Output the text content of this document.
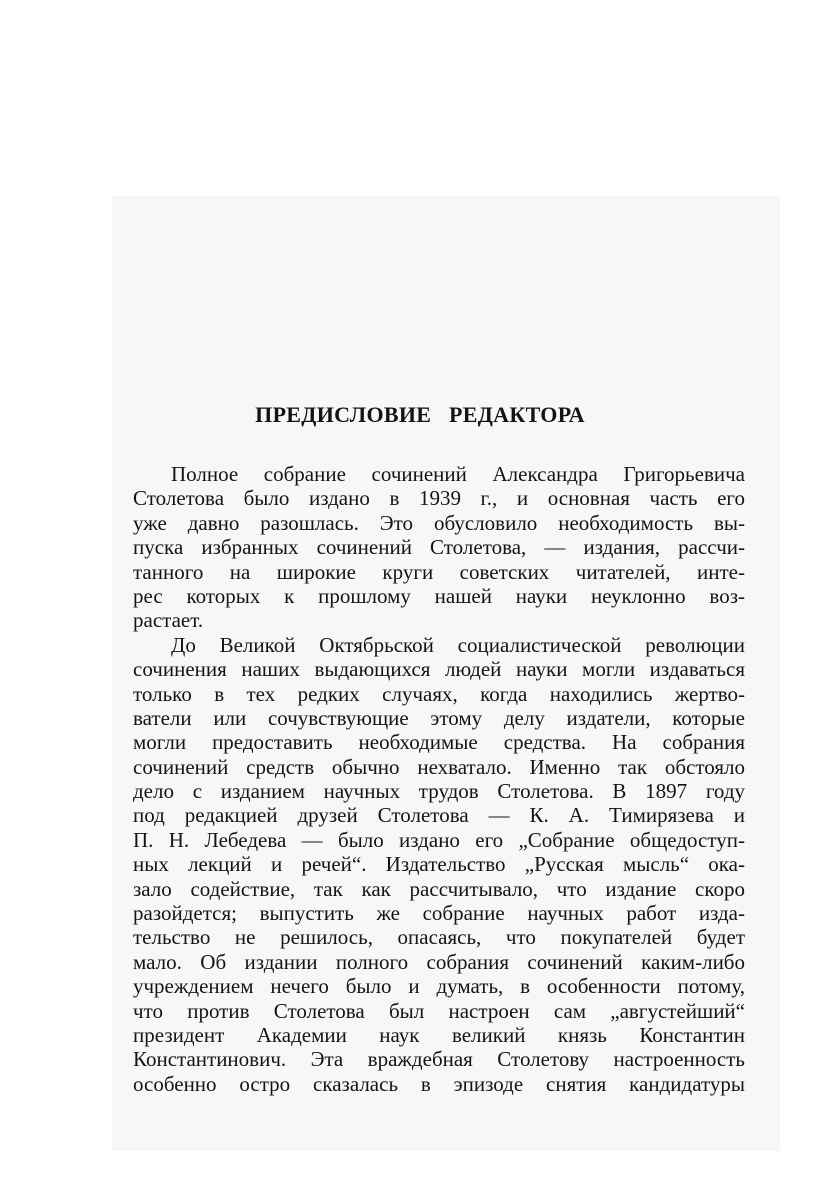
ПРЕДИСЛОВИЕ РЕДАКТОРА
Полное собрание сочинений Александра Григорьевича
Столетова было издано в 1939 г., и основная часть его
уже давно разошлась. Это обусловило необходимость вы-
пуска избранных сочинений Столетова, — издания, рассчи-
танного на широкие круги советских читателей, инте-
рес которых к прошлому нашей науки неуклонно воз-
растает.
До Великой Октябрьской социалистической революции
сочинения наших выдающихся людей науки могли издаваться
только в тех редких случаях, когда находились жертво-
ватели или сочувствующие этому делу издатели, которые
могли предоставить необходимые средства. На собрания
сочинений средств обычно нехватало. Именно так обстояло
дело с изданием научных трудов Столетова. В 1897 году
под редакцией друзей Столетова — К. А. Тимирязева и
П. Н. Лебедева — было издано его „Собрание общедоступ-
ных лекций и речей“. Издательство „Русская мысль“ ока-
зало содействие, так как рассчитывало, что издание скоро
разойдется; выпустить же собрание научных работ изда-
тельство не решилось, опасаясь, что покупателей будет
мало. Об издании полного собрания сочинений каким-либо
учреждением нечего было и думать, в особенности потому,
что против Столетова был настроен сам „августейший“
президент Академии наук великий князь Константин
Константинович. Эта враждебная Столетову настроенность
особенно остро сказалась в эпизоде снятия кандидатуры
